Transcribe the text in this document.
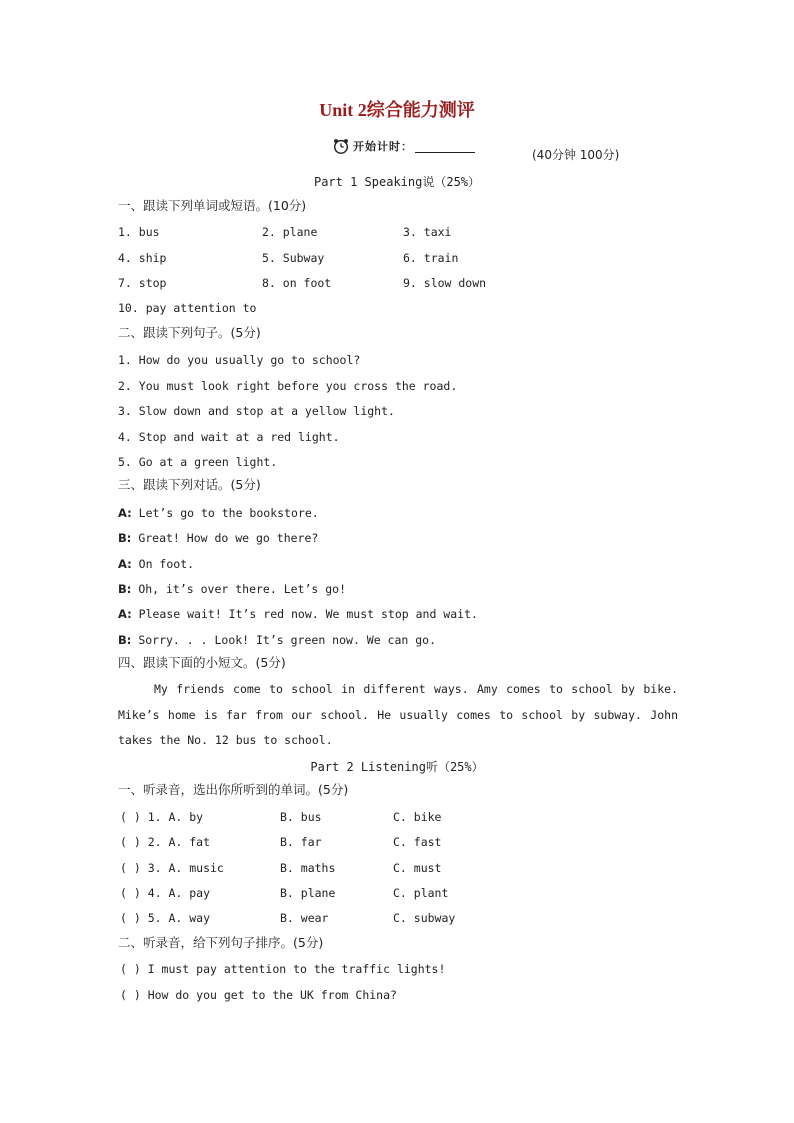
Unit 2综合能力测评
开始计时：
(40分钟 100分)
Part 1 Speaking说（25%）
一、跟读下列单词或短语。(10分)
1. bus	2. plane	3. taxi
4. ship	5. Subway	6. train
7. stop	8. on foot	9. slow down
10. pay attention to
二、跟读下列句子。(5分)
1. How do you usually go to school?
2. You must look right before you cross the road.
3. Slow down and stop at a yellow light.
4. Stop and wait at a red light.
5. Go at a green light.
三、跟读下列对话。(5分)
A: Let’s go to the bookstore.
B: Great! How do we go there?
A: On foot.
B: Oh, it’s over there. Let’s go!
A: Please wait! It’s red now. We must stop and wait.
B: Sorry. . . Look! It’s green now. We can go.
四、跟读下面的小短文。(5分)
My friends come to school in different ways. Amy comes to school by bike. Mike’s home is far from our school. He usually comes to school by subway. John takes the No. 12 bus to school.
Part 2 Listening听（25%）
一、听录音，选出你所听到的单词。(5分)
( ) 1. A. by	B. bus	C. bike
( ) 2. A. fat	B. far	C. fast
( ) 3. A. music	B. maths	C. must
( ) 4. A. pay	B. plane	C. plant
( ) 5. A. way	B. wear	C. subway
二、听录音，给下列句子排序。(5分)
( ) I must pay attention to the traffic lights!
( ) How do you get to the UK from China?
